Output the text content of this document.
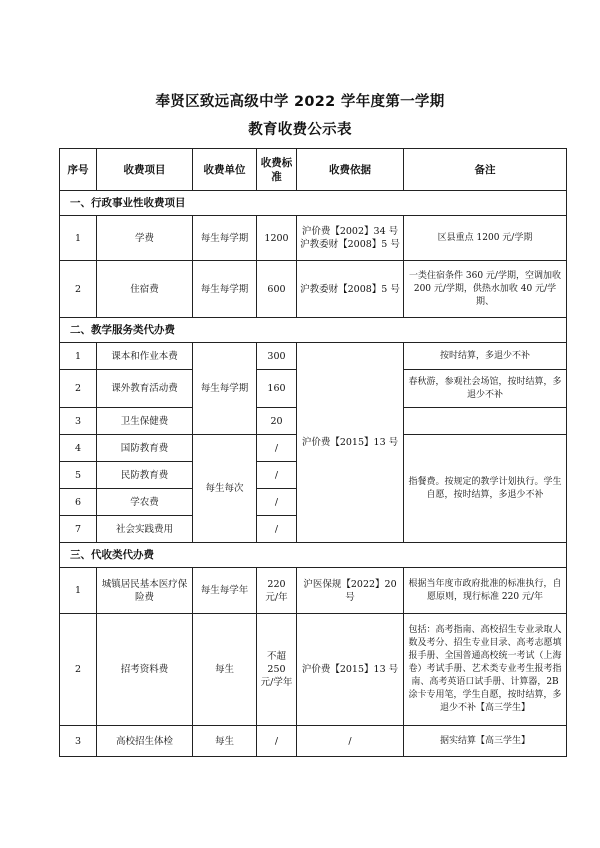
奉贤区致远高级中学 2022 学年度第一学期
教育收费公示表
序号	收费项目	收费单位	收费标准	收费依据	备注
一、行政事业性收费项目					
1	学费	每生每学期	1200	沪价费【2002】34 号 沪教委财【2008】5 号	区县重点 1200 元/学期
2	住宿费	每生每学期	600	沪教委财【2008】5 号	一类住宿条件 360 元/学期，空调加收 200 元/学期，供热水加收 40 元/学期、
二、教学服务类代办费					
1	课本和作业本费	每生每学期	300	沪价费【2015】13 号	按时结算，多退少不补
2	课外教育活动费		160		春秋游，参观社会场馆，按时结算，多退少不补
3	卫生保健费		20		
4	国防教育费	每生每次	/		指餐费。按规定的教学计划执行。学生自愿，按时结算，多退少不补
5	民防教育费		/		
6	学农费		/		
7	社会实践费用		/		
三、代收类代办费					
1	城镇居民基本医疗保险费	每生每学年	220 元/年	沪医保规【2022】20 号	根据当年度市政府批准的标准执行，自愿原则，现行标准 220 元/年
2	招考资料费	每生	不超 250 元/学年	沪价费【2015】13 号	包括：高考指南、高校招生专业录取人数及考分、招生专业目录、高考志愿填报手册、全国普通高校统一考试（上海卷）考试手册、艺术类专业考生报考指南、高考英语口试手册、计算器，2B 涂卡专用笔，学生自愿，按时结算，多退少不补【高三学生】
3	高校招生体检	每生	/	/	据实结算【高三学生】
